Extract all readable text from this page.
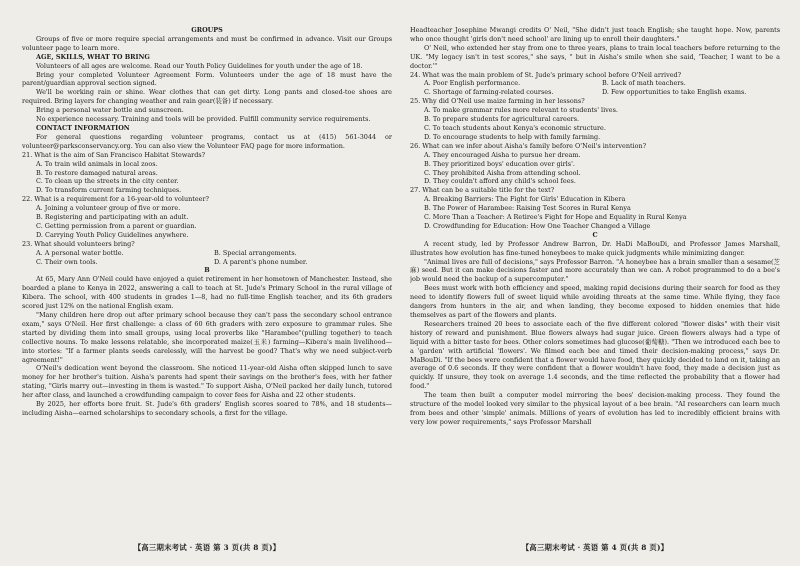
GROUPS

Groups of five or more require special arrangements and must be confirmed in advance. Visit our Groups volunteer page to learn more.

AGE, SKILLS, WHAT TO BRING

Volunteers of all ages are welcome. Read our Youth Policy Guidelines for youth under the age of 18.

Bring your completed Volunteer Agreement Form. Volunteers under the age of 18 must have the parent/guardian approval section signed.

We'll be working rain or shine. Wear clothes that can get dirty. Long pants and closed-toe shoes are required. Bring layers for changing weather and rain gear(装备) if necessary.

Bring a personal water bottle and sunscreen.

No experience necessary. Training and tools will be provided. Fulfill community service requirements.

CONTACT INFORMATION

For general questions regarding volunteer programs, contact us at (415) 561-3044 or volunteer@parksconservancy.org. You can also view the Volunteer FAQ page for more information.

21. What is the aim of San Francisco Habitat Stewards?

A. To train wild animals in local zoos.

B. To restore damaged natural areas.

C. To clean up the streets in the city center.

D. To transform current farming techniques.

22. What is a requirement for a 16-year-old to volunteer?

A. Joining a volunteer group of five or more.

B. Registering and participating with an adult.

C. Getting permission from a parent or guardian.

D. Carrying Youth Policy Guidelines anywhere.

23. What should volunteers bring?

A. A personal water bottle.	B. Special arrangements.
C. Their own tools.	D. A parent's phone number.

B

At 65, Mary Ann O'Neil could have enjoyed a quiet retirement in her hometown of Manchester. Instead, she boarded a plane to Kenya in 2022, answering a call to teach at St. Jude's Primary School in the rural village of Kibera. The school, with 400 students in grades 1—8, had no full-time English teacher, and its 6th graders scored just 12% on the national English exam.

"Many children here drop out after primary school because they can't pass the secondary school entrance exam," says O'Neil. Her first challenge: a class of 60 6th graders with zero exposure to grammar rules. She started by dividing them into small groups, using local proverbs like "Harambee"(pulling together) to teach collective nouns. To make lessons relatable, she incorporated maize(玉米) farming—Kibera's main livelihood—into stories: "If a farmer plants seeds carelessly, will the harvest be good? That's why we need subject-verb agreement!"

O'Neil's dedication went beyond the classroom. She noticed 11-year-old Aisha often skipped lunch to save money for her brother's tuition. Aisha's parents had spent their savings on the brother's fees, with her father stating, "Girls marry out—investing in them is wasted." To support Aisha, O'Neil packed her daily lunch, tutored her after class, and launched a crowdfunding campaign to cover fees for Aisha and 22 other students.

By 2025, her efforts bore fruit. St. Jude's 6th graders' English scores soared to 78%, and 18 students—including Aisha—earned scholarships to secondary schools, a first for the village.

Headteacher Josephine Mwangi credits O' Neil, "She didn't just teach English; she taught hope. Now, parents who once thought 'girls don't need school' are lining up to enroll their daughters."

O' Neil, who extended her stay from one to three years, plans to train local teachers before returning to the UK. "My legacy isn't in test scores," she says, " but in Aisha's smile when she said, 'Teacher, I want to be a doctor.'"

24. What was the main problem of St. Jude's primary school before O'Neil arrived?

A. Poor English performance.	B. Lack of math teachers.
C. Shortage of farming-related courses.	D. Few opportunities to take English exams.

25. Why did O'Neil use maize farming in her lessons?

A. To make grammar rules more relevant to students' lives.

B. To prepare students for agricultural careers.

C. To teach students about Kenya's economic structure.

D. To encourage students to help with family farming.

26. What can we infer about Aisha's family before O'Neil's intervention?

A. They encouraged Aisha to pursue her dream.

B. They prioritized boys' education over girls'.

C. They prohibited Aisha from attending school.

D. They couldn't afford any child's school fees.

27. What can be a suitable title for the text?

A. Breaking Barriers: The Fight for Girls' Education in Kibera

B. The Power of Harambee: Raising Test Scores in Rural Kenya

C. More Than a Teacher: A Retiree's Fight for Hope and Equality in Rural Kenya

D. Crowdfunding for Education: How One Teacher Changed a Village

C

A recent study, led by Professor Andrew Barron, Dr. HaDi MaBouDi, and Professor James Marshall, illustrates how evolution has fine-tuned honeybees to make quick judgments while minimizing danger.

"Animal lives are full of decisions," says Professor Barron. "A honeybee has a brain smaller than a sesame(芝麻) seed. But it can make decisions faster and more accurately than we can. A robot programmed to do a bee's job would need the backup of a supercomputer."

Bees must work with both efficiency and speed, making rapid decisions during their search for food as they need to identify flowers full of sweet liquid while avoiding threats at the same time. While flying, they face dangers from hunters in the air, and when landing, they become exposed to hidden enemies that hide themselves as part of the flowers and plants.

Researchers trained 20 bees to associate each of the five different colored "flower disks" with their visit history of reward and punishment. Blue flowers always had sugar juice. Green flowers always had a type of liquid with a bitter taste for bees. Other colors sometimes had glucose(葡萄糖). "Then we introduced each bee to a 'garden' with artificial 'flowers'. We filmed each bee and timed their decision-making process," says Dr. MaBouDi. "If the bees were confident that a flower would have food, they quickly decided to land on it, taking an average of 0.6 seconds. If they were confident that a flower wouldn't have food, they made a decision just as quickly. If unsure, they took on average 1.4 seconds, and the time reflected the probability that a flower had food."

The team then built a computer model mirroring the bees' decision-making process. They found the structure of the model looked very similar to the physical layout of a bee brain. "AI researchers can learn much from bees and other 'simple' animals. Millions of years of evolution has led to incredibly efficient brains with very low power requirements," says Professor Marshall

【高三期末考试 · 英语 第 3 页(共 8 页)】	【高三期末考试 · 英语 第 4 页(共 8 页)】
